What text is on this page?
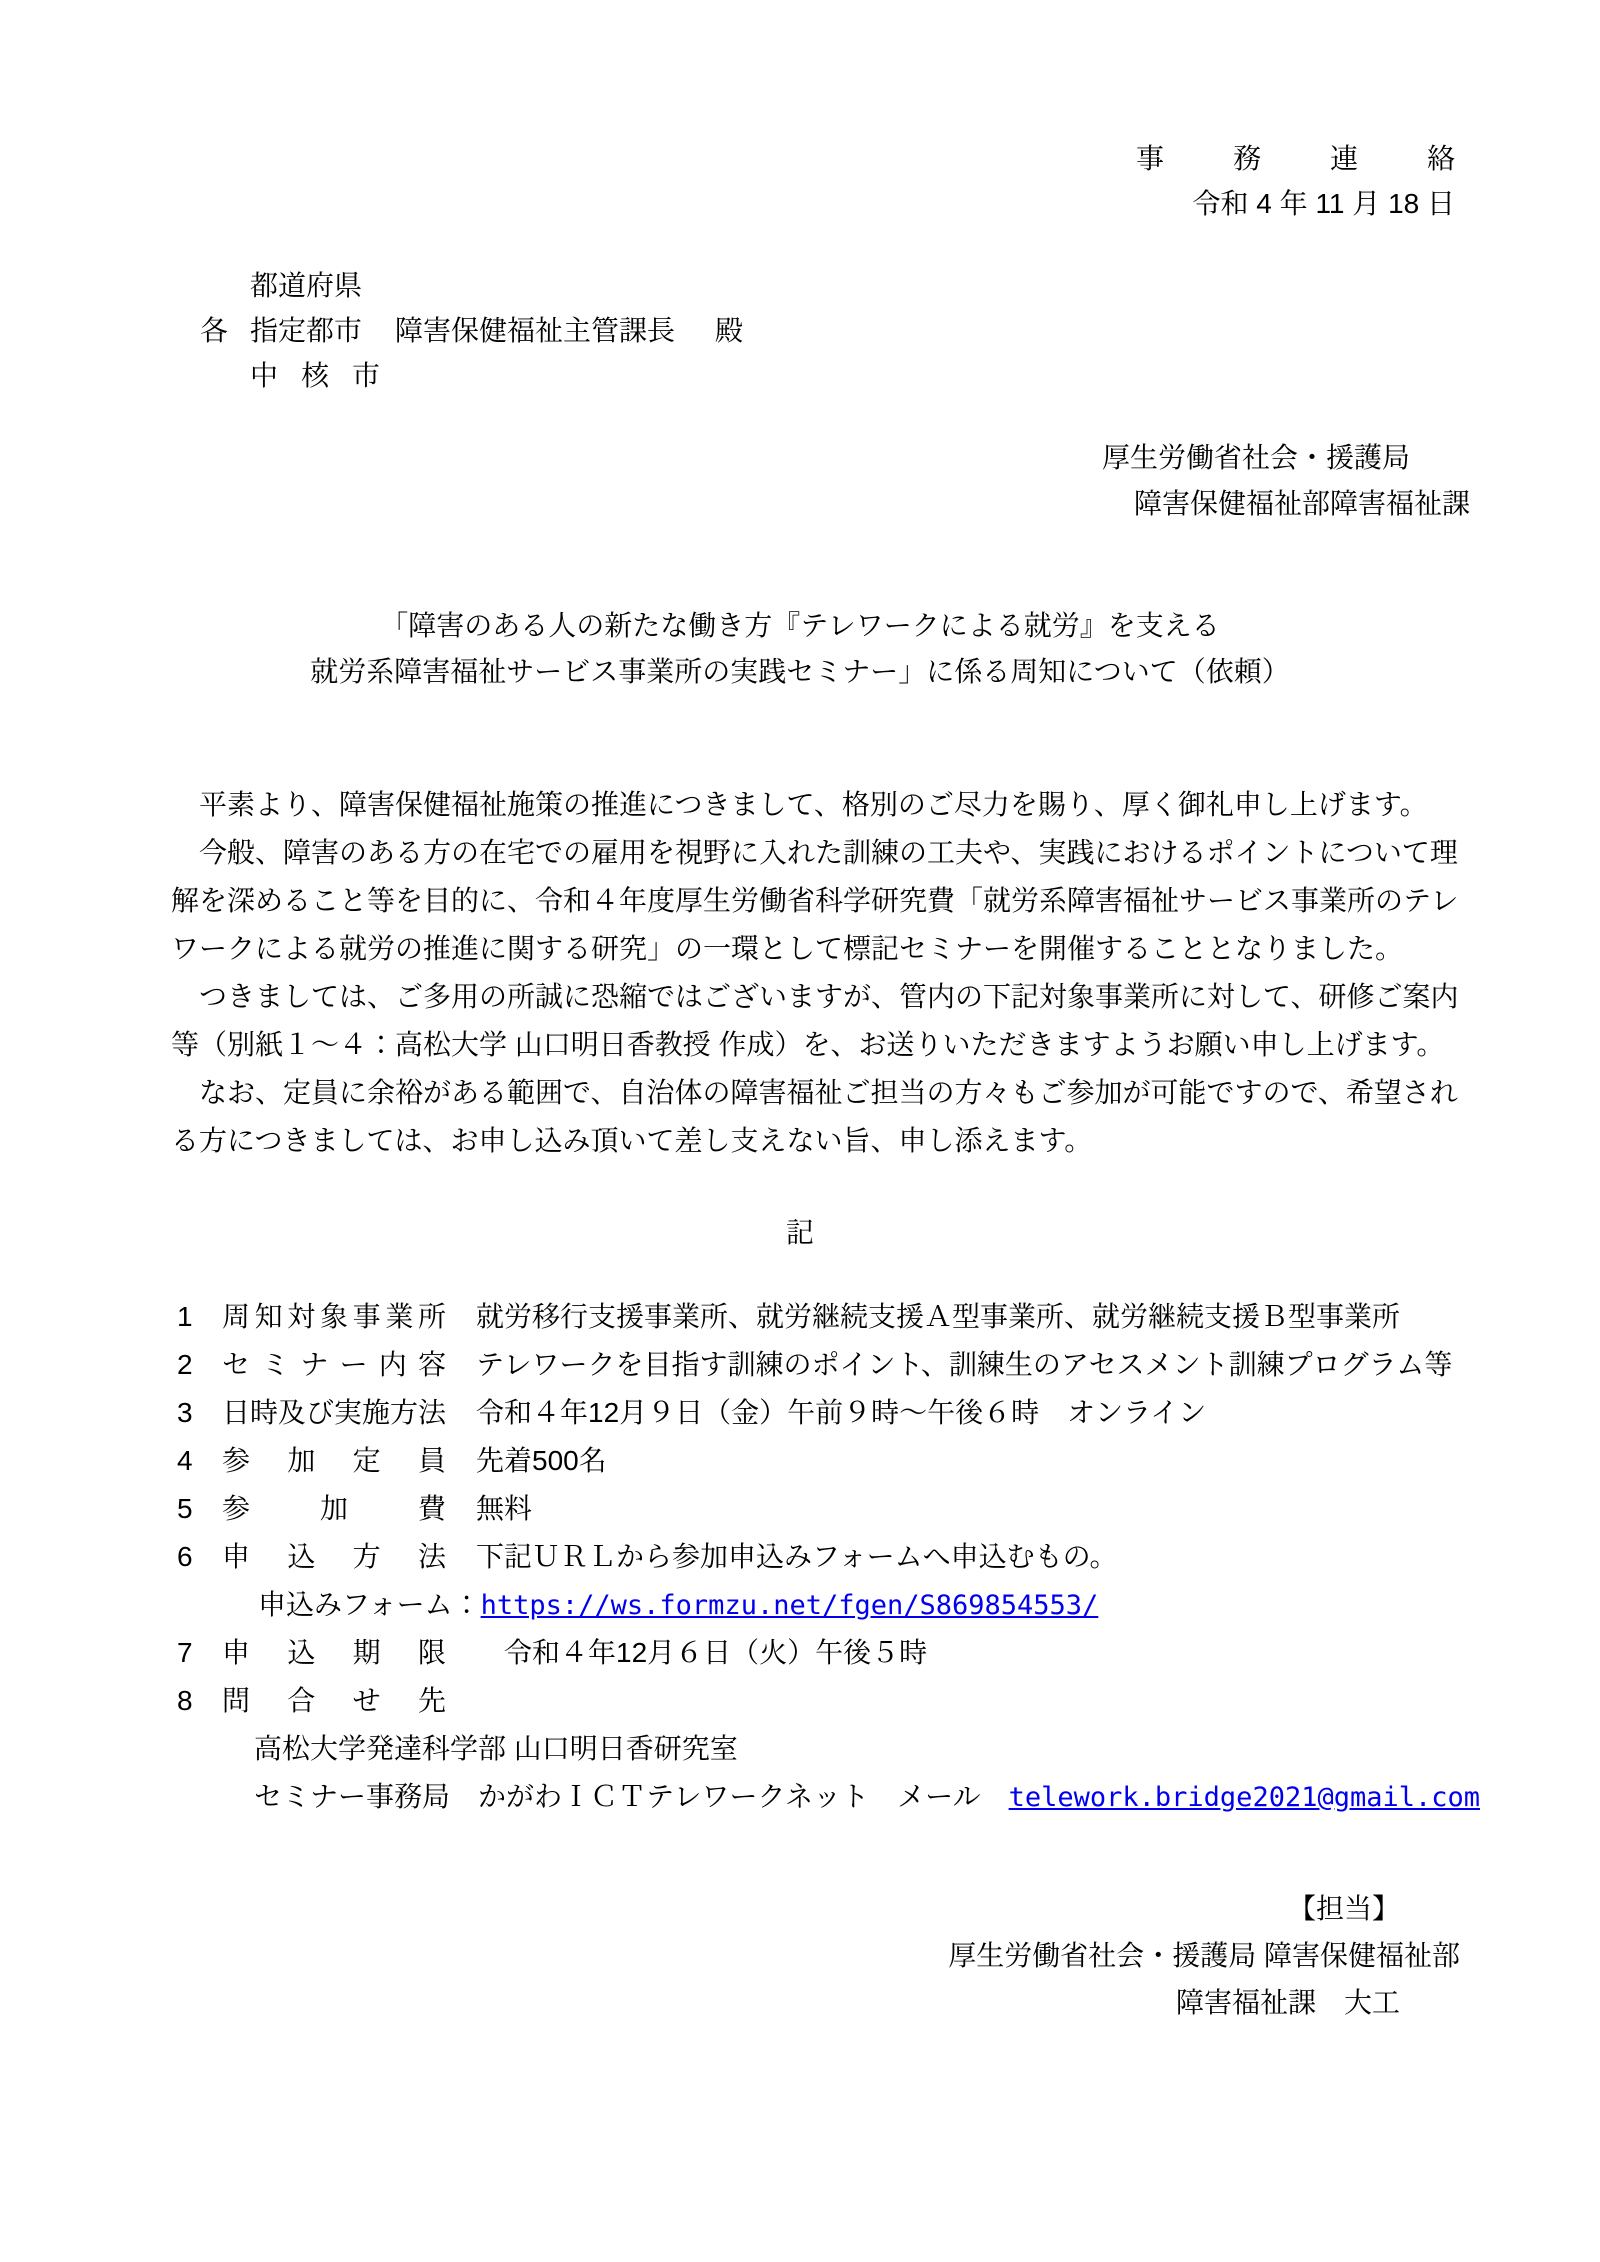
事務連絡
令和 4 年 11 月 18 日
都道府県
各 指定都市 障害保健福祉主管課長 殿
中核市
厚生労働省社会・援護局
障害保健福祉部障害福祉課
「障害のある人の新たな働き方『テレワークによる就労』を支える
就労系障害福祉サービス事業所の実践セミナー」に係る周知について（依頼）
　平素より、障害保健福祉施策の推進につきまして、格別のご尽力を賜り、厚く御礼申し上げます。
　今般、障害のある方の在宅での雇用を視野に入れた訓練の工夫や、実践におけるポイントについて理
解を深めること等を目的に、令和４年度厚生労働省科学研究費「就労系障害福祉サービス事業所のテレ
ワークによる就労の推進に関する研究」の一環として標記セミナーを開催することとなりました。
　つきましては、ご多用の所誠に恐縮ではございますが、管内の下記対象事業所に対して、研修ご案内
等（別紙１～４：高松大学 山口明日香教授 作成）を、お送りいただきますようお願い申し上げます。
　なお、定員に余裕がある範囲で、自治体の障害福祉ご担当の方々もご参加が可能ですので、希望され
る方につきましては、お申し込み頂いて差し支えない旨、申し添えます。
記
1	周知対象事業所 就労移行支援事業所、就労継続支援Ａ型事業所、就労継続支援Ｂ型事業所
2	セミナー内容 テレワークを目指す訓練のポイント、訓練生のアセスメント訓練プログラム等
3	日時及び実施方法 令和４年12月９日（金）午前９時～午後６時　オンライン
4	参加定員 先着500名
5	参加費 無料
6	申込方法 下記ＵＲＬから参加申込みフォームへ申込むもの。
申込みフォーム：https://ws.formzu.net/fgen/S869854553/
7	申込期限 令和４年12月６日（火）午後５時
8	問合せ先
高松大学発達科学部 山口明日香研究室
セミナー事務局　かがわＩＣＴテレワークネット　メール telework.bridge2021@gmail.com
【担当】
厚生労働省社会・援護局 障害保健福祉部
障害福祉課　大工
